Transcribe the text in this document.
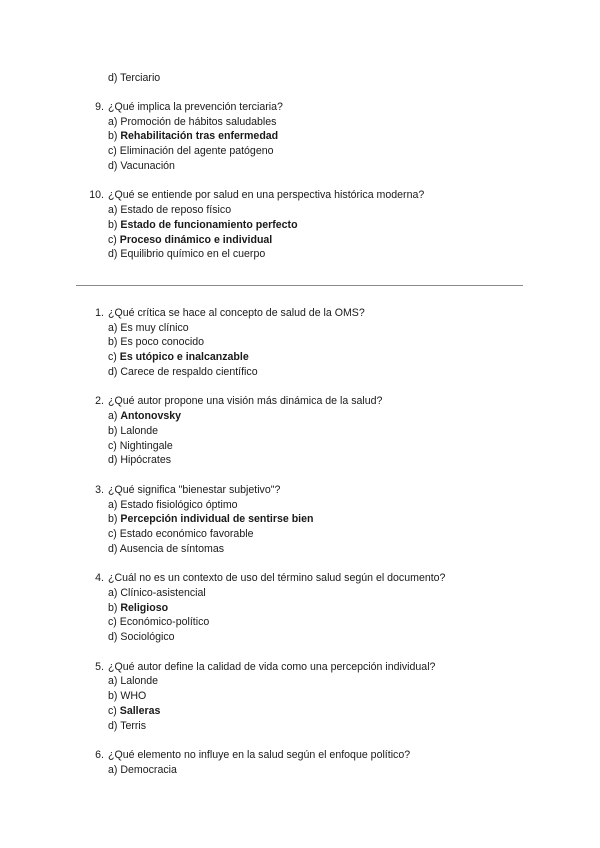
d) Terciario
9. ¿Qué implica la prevención terciaria?
a) Promoción de hábitos saludables
b) Rehabilitación tras enfermedad
c) Eliminación del agente patógeno
d) Vacunación
10. ¿Qué se entiende por salud en una perspectiva histórica moderna?
a) Estado de reposo físico
b) Estado de funcionamiento perfecto
c) Proceso dinámico e individual
d) Equilibrio químico en el cuerpo
1. ¿Qué crítica se hace al concepto de salud de la OMS?
a) Es muy clínico
b) Es poco conocido
c) Es utópico e inalcanzable
d) Carece de respaldo científico
2. ¿Qué autor propone una visión más dinámica de la salud?
a) Antonovsky
b) Lalonde
c) Nightingale
d) Hipócrates
3. ¿Qué significa "bienestar subjetivo"?
a) Estado fisiológico óptimo
b) Percepción individual de sentirse bien
c) Estado económico favorable
d) Ausencia de síntomas
4. ¿Cuál no es un contexto de uso del término salud según el documento?
a) Clínico-asistencial
b) Religioso
c) Económico-político
d) Sociológico
5. ¿Qué autor define la calidad de vida como una percepción individual?
a) Lalonde
b) WHO
c) Salleras
d) Terris
6. ¿Qué elemento no influye en la salud según el enfoque político?
a) Democracia
